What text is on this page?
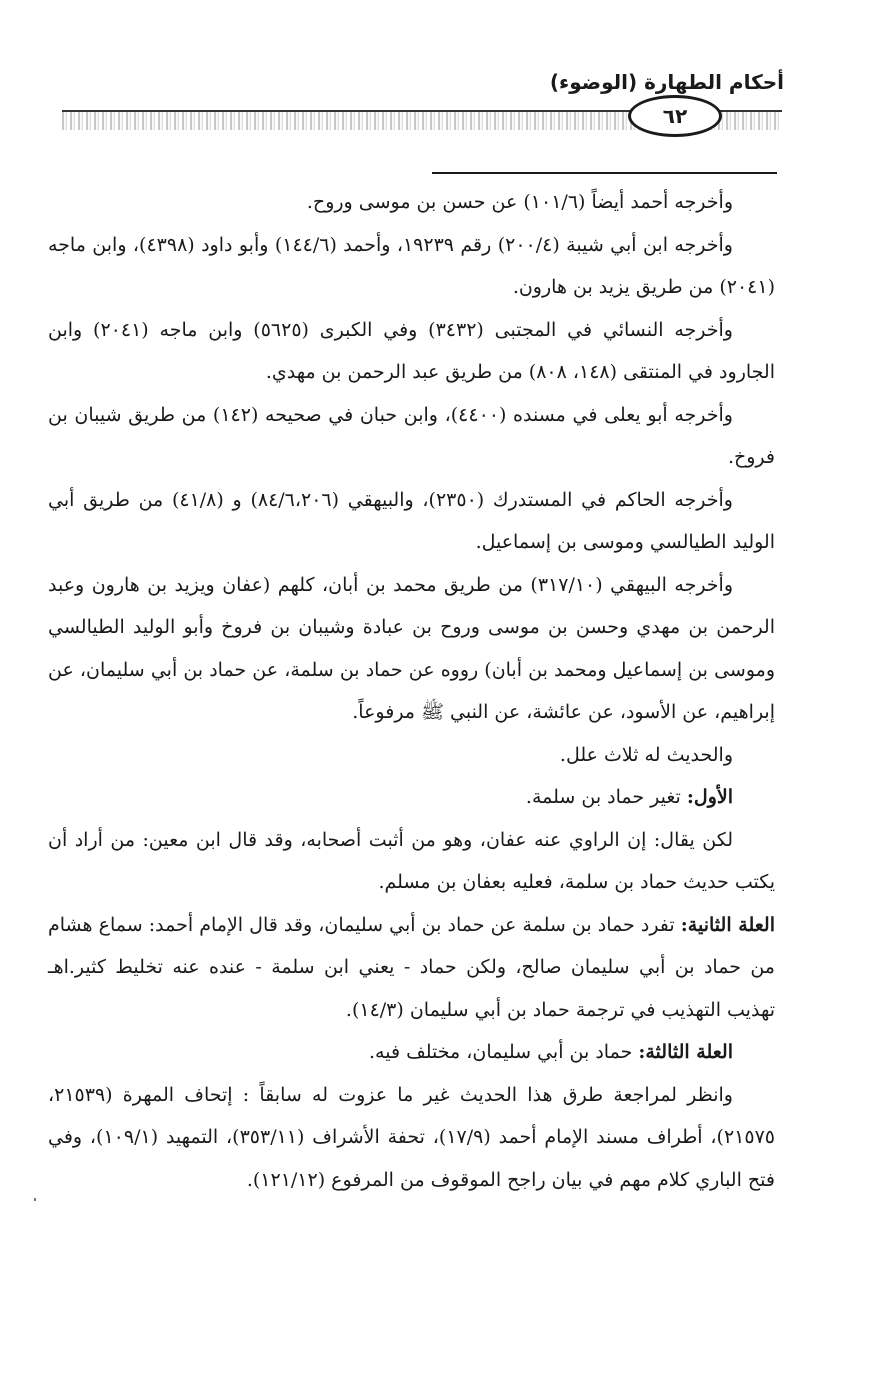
أحكام الطهارة (الوضوء)
٦٢

وأخرجه أحمد أيضاً (١٠١/٦) عن حسن بن موسى وروح.

وأخرجه ابن أبي شيبة (٢٠٠/٤) رقم ١٩٢٣٩، وأحمد (١٤٤/٦) وأبو داود (٤٣٩٨)، وابن ماجه (٢٠٤١) من طريق يزيد بن هارون.

وأخرجه النسائي في المجتبى (٣٤٣٢) وفي الكبرى (٥٦٢٥) وابن ماجه (٢٠٤١) وابن الجارود في المنتقى (١٤٨، ٨٠٨) من طريق عبد الرحمن بن مهدي.

وأخرجه أبو يعلى في مسنده (٤٤٠٠)، وابن حبان في صحيحه (١٤٢) من طريق شيبان بن فروخ.

وأخرجه الحاكم في المستدرك (٢٣٥٠)، والبيهقي (٨٤/٦،٢٠٦) و (٤١/٨) من طريق أبي الوليد الطيالسي وموسى بن إسماعيل.

وأخرجه البيهقي (٣١٧/١٠) من طريق محمد بن أبان، كلهم (عفان ويزيد بن هارون وعبد الرحمن بن مهدي وحسن بن موسى وروح بن عبادة وشيبان بن فروخ وأبو الوليد الطيالسي وموسى بن إسماعيل ومحمد بن أبان) رووه عن حماد بن سلمة، عن حماد بن أبي سليمان، عن إبراهيم، عن الأسود، عن عائشة، عن النبي ﷺ مرفوعاً.

والحديث له ثلاث علل.

الأول: تغير حماد بن سلمة.

لكن يقال: إن الراوي عنه عفان، وهو من أثبت أصحابه، وقد قال ابن معين: من أراد أن يكتب حديث حماد بن سلمة، فعليه بعفان بن مسلم.

العلة الثانية: تفرد حماد بن سلمة عن حماد بن أبي سليمان، وقد قال الإمام أحمد: سماع هشام من حماد بن أبي سليمان صالح، ولكن حماد - يعني ابن سلمة - عنده عنه تخليط كثير.اهـ تهذيب التهذيب في ترجمة حماد بن أبي سليمان (١٤/٣).

العلة الثالثة: حماد بن أبي سليمان، مختلف فيه.

وانظر لمراجعة طرق هذا الحديث غير ما عزوت له سابقاً : إتحاف المهرة (٢١٥٣٩، ٢١٥٧٥)، أطراف مسند الإمام أحمد (١٧/٩)، تحفة الأشراف (٣٥٣/١١)، التمهيد (١٠٩/١)، وفي فتح الباري كلام مهم في بيان راجح الموقوف من المرفوع (١٢١/١٢).
